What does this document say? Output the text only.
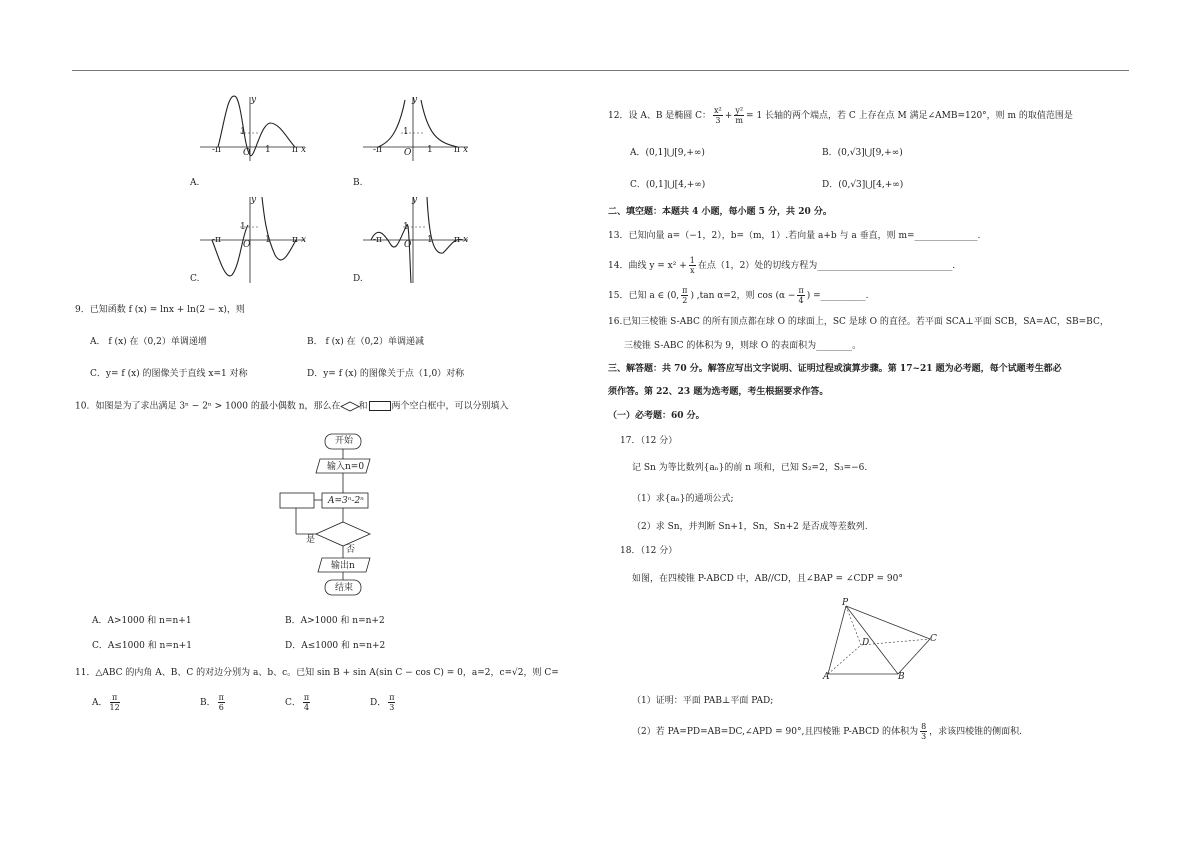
y
1
-π O 1 π x
A.
y
1
-π O 1 π x
B.
y
1
-π O 1 π x
C.
y
1
-π O 1 π x
D.
9．已知函数 f (x) = lnx + ln(2 − x)，则
A． f (x) 在（0,2）单调递增	B． f (x) 在（0,2）单调递减
C．y= f (x) 的图像关于直线 x=1 对称	D．y= f (x) 的图像关于点（1,0）对称
10．如图是为了求出满足 3ⁿ − 2ⁿ > 1000 的最小偶数 n，那么在 和	两个空白框中，可以分别填入
开始
输入n=0
A=3ⁿ-2ⁿ
是
否
输出n
结束
A．A>1000 和 n=n+1	B．A>1000 和 n=n+2
C．A≤1000 和 n=n+1	D．A≤1000 和 n=n+2
11．△ABC 的内角 A、B、C 的对边分别为 a、b、c。已知 sin B + sin A(sin C − cos C) = 0，a=2，c=√2，则 C=
A． $\frac{\pi}{12}$	B． $\frac{\pi}{6}$	C． $\frac{\pi}{4}$	D． $\frac{\pi}{3}$
12．设 A、B 是椭圆 C： $\frac{\text{x²}}{3} + \frac{\text{y²}}{m} = 1$ 长轴的两个端点，若 C 上存在点 M 满足∠AMB=120°，则 m 的取值范围是
A．(0,1]⋃[9,+∞)	B．(0,√3]⋃[9,+∞)
C．(0,1]⋃[4,+∞)	D．(0,√3]⋃[4,+∞)
二、填空题：本题共 4 小题，每小题 5 分，共 20 分。
13．已知向量 a=（−1，2），b=（m，1）.若向量 a+b 与 a 垂直，则 m=______________.
14．曲线 $y = x^2 + \frac{1}{x}$ 在点（1，2）处的切线方程为______________________________.
15．已知 a ∈ (0, $\frac{\pi}{2}$ ) ,tan α=2，则 $\cos (\alpha - \frac{\pi}{4}$ ) =__________.
16.已知三棱锥 S-ABC 的所有顶点都在球 O 的球面上，SC 是球 O 的直径。若平面 SCA⊥平面 SCB，SA=AC，SB=BC，
三棱锥 S-ABC 的体积为 9，则球 O 的表面积为________。
三、解答题：共 70 分。解答应写出文字说明、证明过程或演算步骤。第 17~21 题为必考题，每个试题考生都必
须作答。第 22、23 题为选考题，考生根据要求作答。
（一）必考题：60 分。
17．（12 分）
记 Sn 为等比数列{aₙ}的前 n 项和，已知 S₂=2，S₃=−6.
（1）求{aₙ}的通项公式;
（2）求 Sn，并判断 Sn+1，Sn，Sn+2 是否成等差数列.
18．（12 分）
如图，在四棱锥 P-ABCD 中，AB//CD，且∠BAP = ∠CDP = 90°
P
A	B
C
D
（1）证明：平面 PAB⊥平面 PAD;
（2）若 PA=PD=AB=DC,∠APD = 90°,且四棱锥 P-ABCD 的体积为 $\frac{8}{3}$ ，求该四棱锥的侧面积.
